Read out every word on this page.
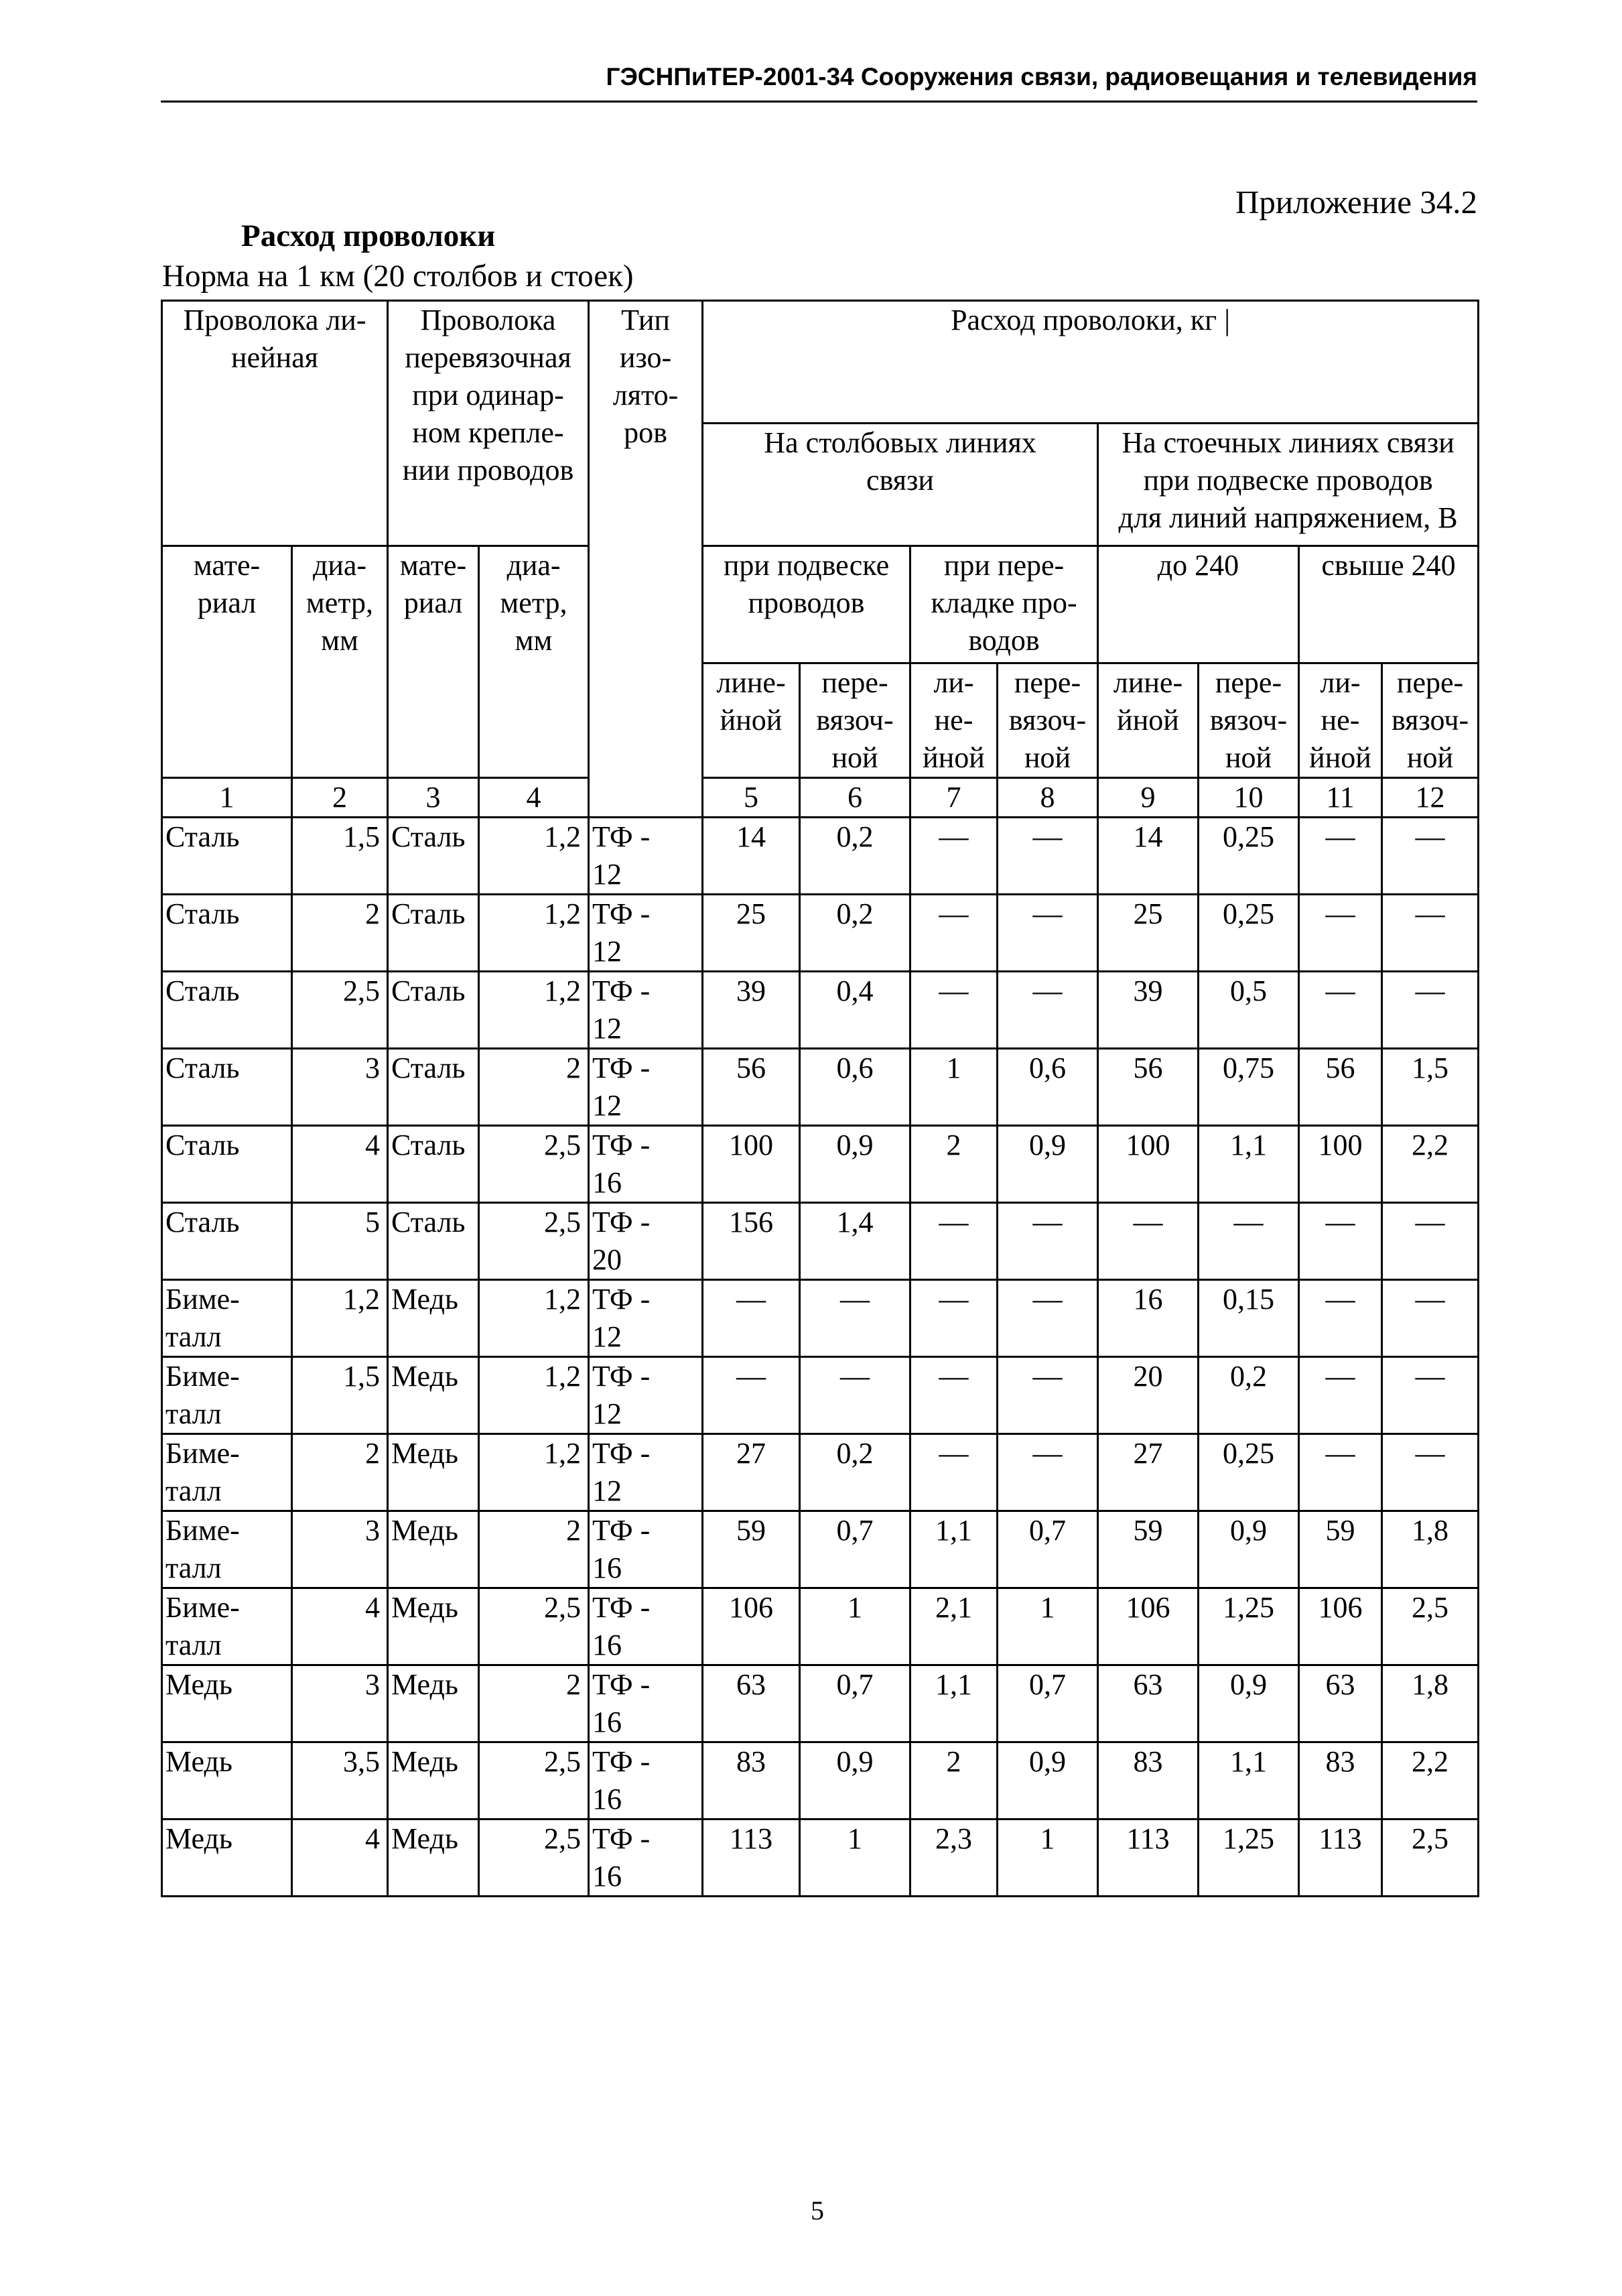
ГЭСНПиТЕР-2001-34 Сооружения связи, радиовещания и телевидения
Приложение 34.2
Расход проволоки
Норма на 1 км (20 столбов и стоек)
Проволока ли-
нейная		Проволока
перевязочная
при одинар-
ном крепле-
нии проводов		Тип
изо-
лято-
ров	Расход проволоки, кг |								
					На столбовых линиях
связи				На стоечных линиях связи
при подвеске проводов
для линий напряжением, В				
мате-
риал	диа-
метр,
мм	мате-
риал	диа-
метр,
мм		при подвеске
проводов		при пере-
кладке про-
водов		до 240		свыше 240		
					лине-
йной	пере-
вязоч-
ной	ли-
не-
йной	пере-
вязоч-
ной	лине-
йной	пере-
вязоч-
ной	ли-
не-
йной	пере-
вязоч-
ной	
1	2	3	4		5	6	7	8	9	10	11	12	
Сталь	1,5	Сталь	1,2	ТФ -
12	14	0,2	—	—	14	0,25	—	—	
Сталь	2	Сталь	1,2	ТФ -
12	25	0,2	—	—	25	0,25	—	—	
Сталь	2,5	Сталь	1,2	ТФ -
12	39	0,4	—	—	39	0,5	—	—	
Сталь	3	Сталь	2	ТФ -
12	56	0,6	1	0,6	56	0,75	56	1,5	
Сталь	4	Сталь	2,5	ТФ -
16	100	0,9	2	0,9	100	1,1	100	2,2	
Сталь	5	Сталь	2,5	ТФ -
20	156	1,4	—	—	—	—	—	—	
Биме-
талл	1,2	Медь	1,2	ТФ -
12	—	—	—	—	16	0,15	—	—	
Биме-
талл	1,5	Медь	1,2	ТФ -
12	—	—	—	—	20	0,2	—	—	
Биме-
талл	2	Медь	1,2	ТФ -
12	27	0,2	—	—	27	0,25	—	—	
Биме-
талл	3	Медь	2	ТФ -
16	59	0,7	1,1	0,7	59	0,9	59	1,8	
Биме-
талл	4	Медь	2,5	ТФ -
16	106	1	2,1	1	106	1,25	106	2,5	
Медь	3	Медь	2	ТФ -
16	63	0,7	1,1	0,7	63	0,9	63	1,8	
Медь	3,5	Медь	2,5	ТФ -
16	83	0,9	2	0,9	83	1,1	83	2,2	
Медь	4	Медь	2,5	ТФ -
16	113	1	2,3	1	113	1,25	113	2,5	
5
